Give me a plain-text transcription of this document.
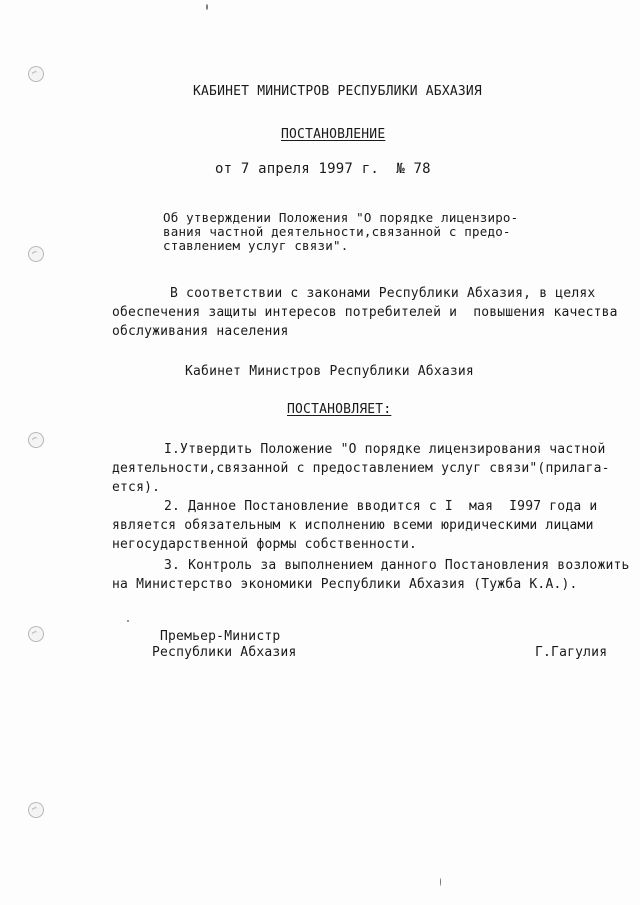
КАБИНЕТ МИНИСТРОВ РЕСПУБЛИКИ АБХАЗИЯ
ПОСТАНОВЛЕНИЕ
от 7 апреля 1997 г.  № 78
Об утверждении Положения "О порядке лицензиро-
вания частной деятельности,связанной с предо-
ставлением услуг связи".
В соответствии с законами Республики Абхазия, в целях
обеспечения защиты интересов потребителей и  повышения качества
обслуживания населения
Кабинет Министров Республики Абхазия
ПОСТАНОВЛЯЕТ:
I.Утвердить Положение "О порядке лицензирования частной
деятельности,связанной с предоставлением услуг связи"(прилага-
ется).
2. Данное Постановление вводится с I  мая  I997 года и
является обязательным к исполнению всеми юридическими лицами
негосударственной формы собственности.
3. Контроль за выполнением данного Постановления возложить
на Министерство экономики Республики Абхазия (Тужба К.А.).
Премьер-Министр
Республики Абхазия	Г.Гагулия
